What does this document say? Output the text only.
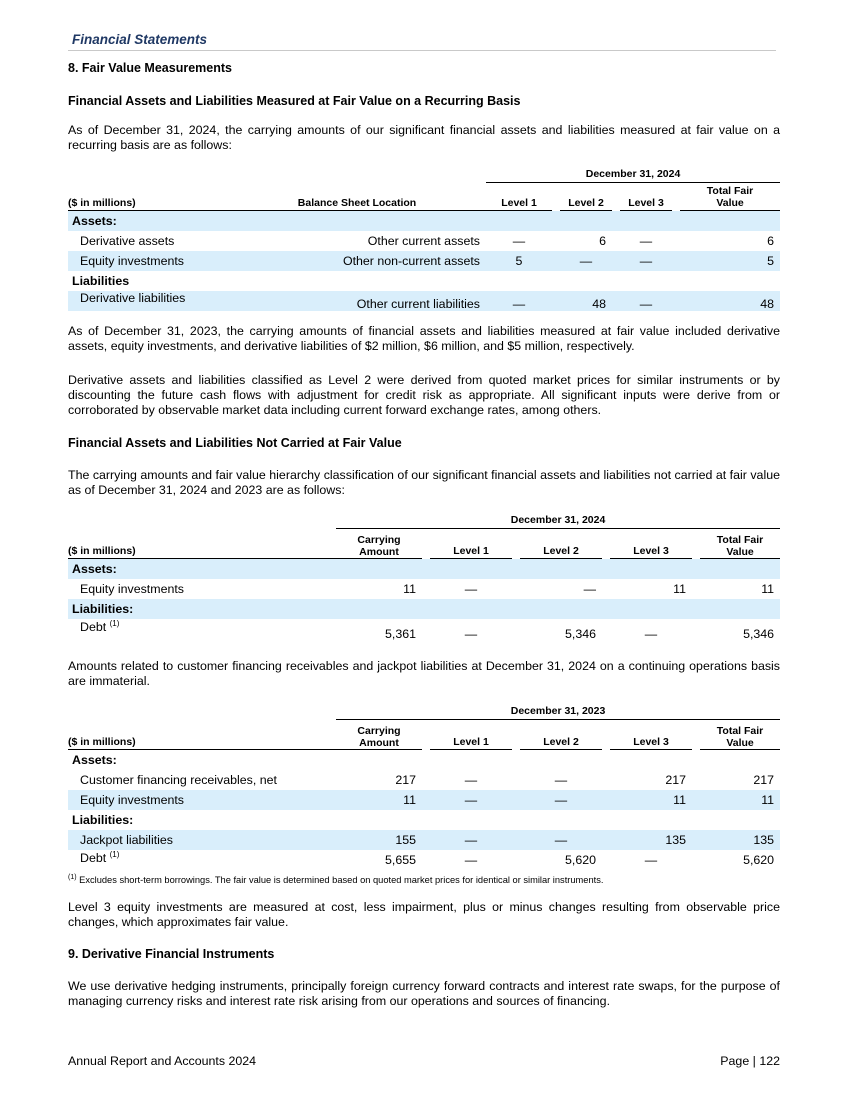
Financial Statements
8. Fair Value Measurements
Financial Assets and Liabilities Measured at Fair Value on a Recurring Basis
As of December 31, 2024, the carrying amounts of our significant financial assets and liabilities measured at fair value on a recurring basis are as follows:
		December 31, 2024						
($ in millions)	Balance Sheet Location	Level 1		Level 2		Level 3		Total Fair Value
Assets:								
Derivative assets	Other current assets	—		6		—		6
Equity investments	Other non-current assets	5		—		—		5
Liabilities								
Derivative liabilities	Other current liabilities	—		48		—		48
As of December 31, 2023, the carrying amounts of financial assets and liabilities measured at fair value included derivative assets, equity investments, and derivative liabilities of $2 million, $6 million, and $5 million, respectively.
Derivative assets and liabilities classified as Level 2 were derived from quoted market prices for similar instruments or by discounting the future cash flows with adjustment for credit risk as appropriate. All significant inputs were derive from or corroborated by observable market data including current forward exchange rates, among others.
Financial Assets and Liabilities Not Carried at Fair Value
The carrying amounts and fair value hierarchy classification of our significant financial assets and liabilities not carried at fair value as of December 31, 2024 and 2023 are as follows:
	December 31, 2024								
($ in millions)	Carrying Amount		Level 1		Level 2		Level 3		Total Fair Value
Assets:									
Equity investments	11		—		—		11		11
Liabilities:									
Debt $^{(1)}$	5,361		—		5,346		—		5,346
Amounts related to customer financing receivables and jackpot liabilities at December 31, 2024 on a continuing operations basis are immaterial.
	December 31, 2023								
($ in millions)	Carrying Amount		Level 1		Level 2		Level 3		Total Fair Value
Assets:									
Customer financing receivables, net	217		—		—		217		217
Equity investments	11		—		—		11		11
Liabilities:									
Jackpot liabilities	155		—		—		135		135
Debt $^{(1)}$	5,655		—		5,620		—		5,620
$^{(1)}$ Excludes short-term borrowings. The fair value is determined based on quoted market prices for identical or similar instruments.
Level 3 equity investments are measured at cost, less impairment, plus or minus changes resulting from observable price changes, which approximates fair value.
9. Derivative Financial Instruments
We use derivative hedging instruments, principally foreign currency forward contracts and interest rate swaps, for the purpose of managing currency risks and interest rate risk arising from our operations and sources of financing.
Annual Report and Accounts 2024	Page | 122
